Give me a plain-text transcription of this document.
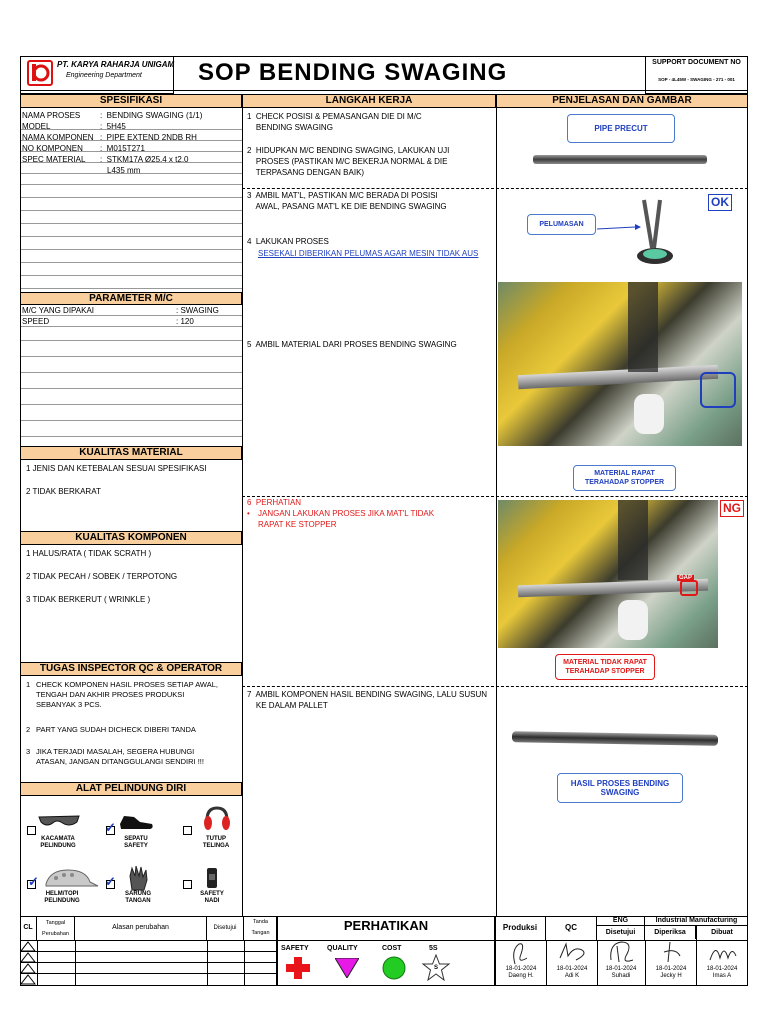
PT. KARYA RAHARJA UNIGAM
Engineering Department SOP BENDING SWAGING	SUPPORT DOCUMENT NO
SOP - 4L45W - SWAGING - 271 - 001
SPESIFIKASI	LANGKAH KERJA	PENJELASAN DAN GAMBAR
NAMA PROSES :  BENDING SWAGING (1/1)
MODEL	:  5H45
NAMA KOMPONEN :  PIPE EXTEND 2NDB RH
NO KOMPONEN :  M015T271
SPEC MATERIAL :  STKM17A Ø25.4 x t2.0
L435 mm
PARAMETER M/C
M/C YANG DIPAKAI	: SWAGING
SPEED	: 120
KUALITAS MATERIAL
1 JENIS DAN KETEBALAN SESUAI SPESIFIKASI
2 TIDAK BERKARAT
KUALITAS KOMPONEN
1 HALUS/RATA ( TIDAK SCRATH )
2 TIDAK PECAH / SOBEK / TERPOTONG
3 TIDAK BERKERUT ( WRINKLE )
TUGAS INSPECTOR QC & OPERATOR
1 CHECK KOMPONEN HASIL PROSES SETIAP AWAL,
TENGAH DAN AKHIR PROSES PRODUKSI
SEBANYAK 3 PCS.
2 PART YANG SUDAH DICHECK DIBERI TANDA
3 JIKA TERJADI MASALAH, SEGERA HUBUNGI
ATASAN, JANGAN DITANGGULANGI SENDIRI !!!
ALAT PELINDUNG DIRI
KACAMATA PELINDUNG
✓
SEPATU SAFETY
TUTUP TELINGA
✓
HELM/TOPI PELINDUNG
✓
SARUNG TANGAN
SAFETY NADI
1  CHECK POSISI & PEMASANGAN DIE DI M/C
BENDING SWAGING
2  HIDUPKAN M/C BENDING SWAGING, LAKUKAN UJI
PROSES (PASTIKAN M/C BEKERJA NORMAL & DIE
TERPASANG DENGAN BAIK)
3  AMBIL MAT'L, PASTIKAN M/C BERADA DI POSISI
AWAL, PASANG MAT'L KE DIE BENDING SWAGING
4  LAKUKAN PROSES
SESEKALI DIBERIKAN PELUMAS AGAR MESIN TIDAK AUS
5  AMBIL MATERIAL DARI PROSES BENDING SWAGING
6  PERHATIAN
•	JANGAN LAKUKAN PROSES JIKA MAT'L TIDAK
RAPAT KE STOPPER
7  AMBIL KOMPONEN HASIL BENDING SWAGING, LALU SUSUN
KE DALAM PALLET
PIPE PRECUT
PELUMASAN
OK
MATERIAL RAPAT TERAHADAP STOPPER
NG
GAP
MATERIAL TIDAK RAPAT TERAHADAP STOPPER
HASIL PROSES BENDING SWAGING
CL
Tanggal Perubahan
Alasan perubahan	Disetujui
Tanda Tangan	PERHATIKAN
SAFETY	QUALITY	COST	5S
S
Produksi	QC
ENG
Disetujui
Industrial Manufacturing
Diperiksa	Dibuat
18-01-2024
Daeng H.
18-01-2024
Adi K
18-01-2024
Suhadi
18-01-2024
Jecky H
18-01-2024
Imas A
